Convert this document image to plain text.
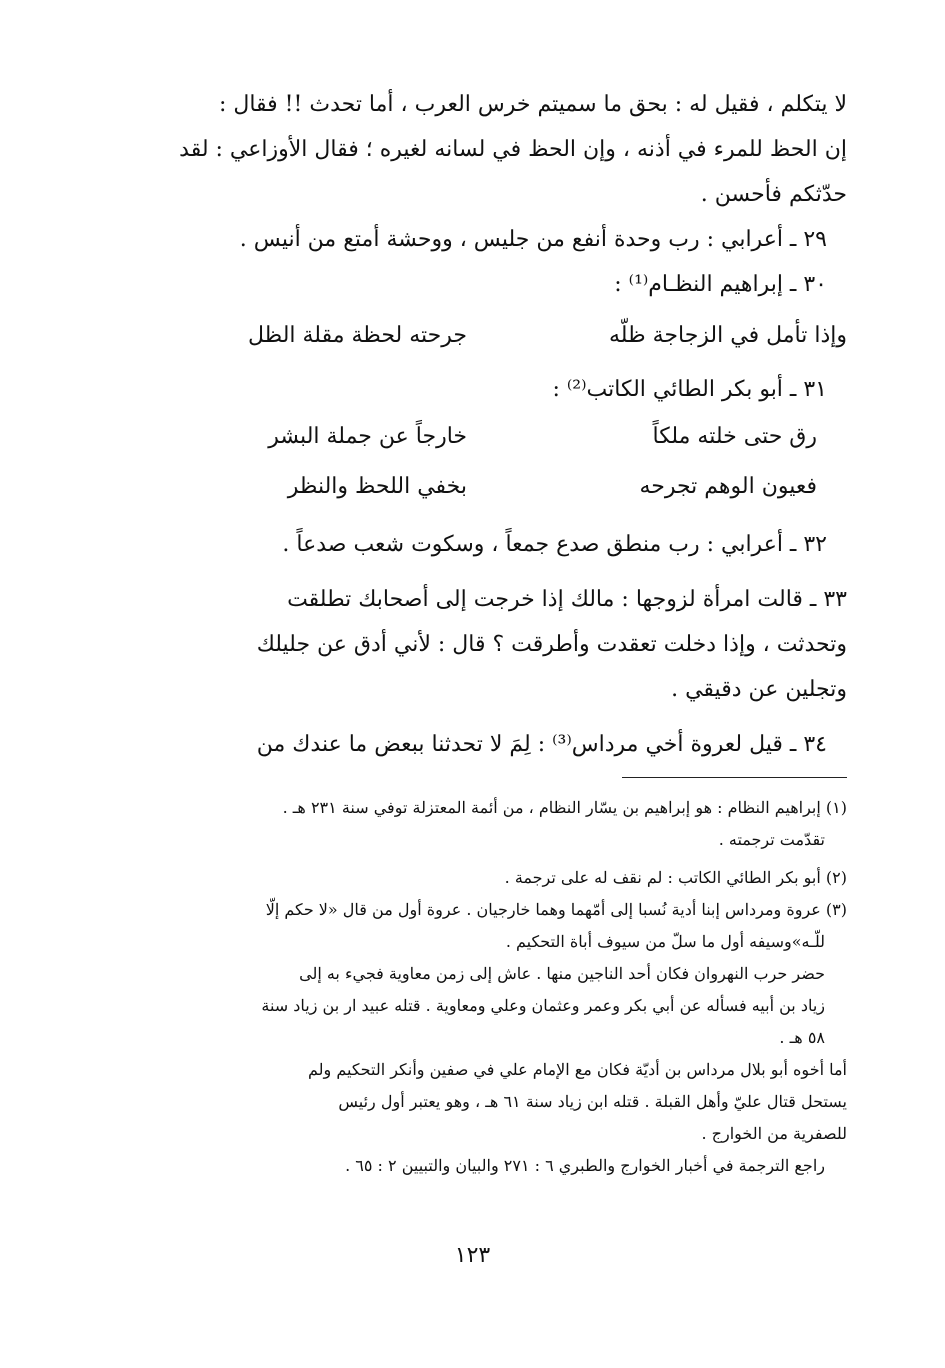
لا يتكلم ، فقيل له : بحق ما سميتم خرس العرب ، أما تحدث !! فقال :
إن الحظ للمرء في أذنه ، وإن الحظ في لسانه لغيره ؛ فقال الأوزاعي : لقد
حدّثكم فأحسن .

٢٩ ـ أعرابي : رب وحدة أنفع من جليس ، ووحشة أمتع من أنيس .

٣٠ ـ إبراهيم النظـام⁽¹⁾ :

وإذا تأمل في الزجاجة ظلّه
جرحته لحظة مقلة الظل

٣١ ـ أبو بكر الطائي الكاتب⁽²⁾ :

رق حتى خلته ملكاً
خارجاً عن جملة البشر
فعيون الوهم تجرحه
بخفي اللحظ والنظر

٣٢ ـ أعرابي : رب منطق صدع جمعاً ، وسكوت شعب صدعاً .

٣٣ ـ قالت امرأة لزوجها : مالك إذا خرجت إلى أصحابك تطلقت
وتحدثت ، وإذا دخلت تعقدت وأطرقت ؟ قال : لأني أدق عن جليلك
وتجلين عن دقيقي .

٣٤ ـ قيل لعروة أخي مرداس⁽³⁾ : لِمَ لا تحدثنا ببعض ما عندك من

(١) إبراهيم النظام : هو إبراهيم بن يسّار النظام ، من أئمة المعتزلة توفي سنة ٢٣١ هـ .

تقدّمت ترجمته .

(٢) أبو بكر الطائي الكاتب : لم نقف له على ترجمة .

(٣) عروة ومرداس إبنا أدية نُسبا إلى أمّهما وهما خارجيان . عروة أول من قال «لا حكم إلّا

للّـه»وسيفه أول ما سلّ من سيوف أباة التحكيم .

حضر حرب النهروان فكان أحد الناجين منها . عاش إلى زمن معاوية فجيء به إلى
زياد بن أبيه فسأله عن أبي بكر وعمر وعثمان وعلي ومعاوية . قتله عبيد ار بن زياد سنة
٥٨ هـ .
أما أخوه أبو بلال مرداس بن أديّة فكان مع الإمام علي في صفين وأنكر التحكيم ولم
يستحل قتال عليّ وأهل القبلة . قتله ابن زياد سنة ٦١ هـ ، وهو يعتبر أول رئيس
للصفرية من الخوارج .

راجع الترجمة في أخبار الخوارج والطبري ٦ : ٢٧١ والبيان والتبيين ٢ : ٦٥ .

١٢٣
